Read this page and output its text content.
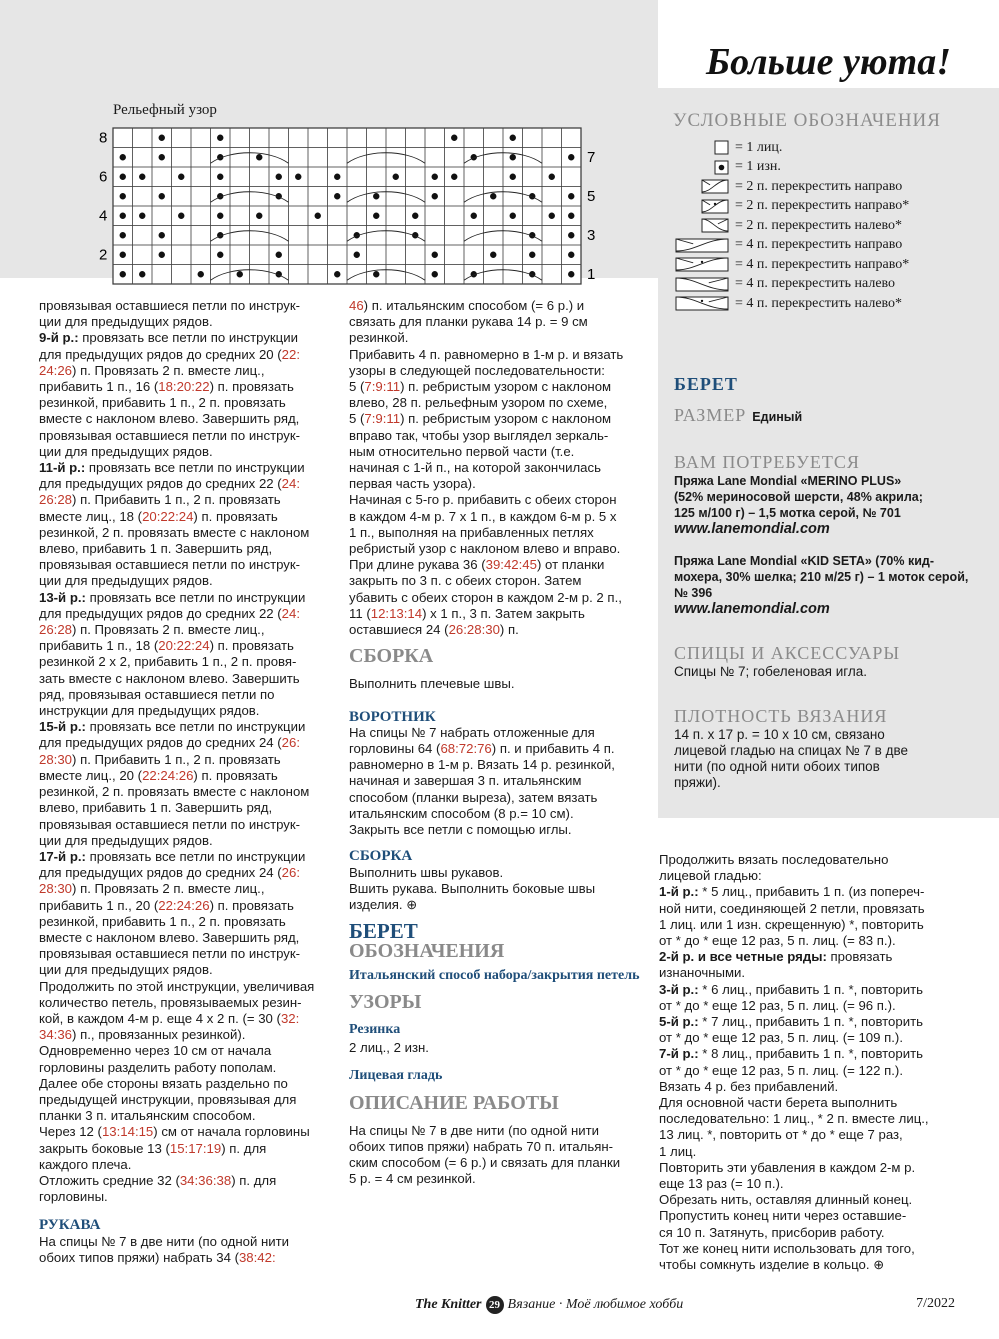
Больше уюта!
Рельефный узор
8
6
4
2
7
5
3
1
УСЛОВНЫЕ ОБОЗНАЧЕНИЯ
= 1 лиц.
= 1 изн.
= 2 п. перекрестить направо
= 2 п. перекрестить направо*
= 2 п. перекрестить налево*
= 4 п. перекрестить направо
= 4 п. перекрестить направо*
= 4 п. перекрестить налево
= 4 п. перекрестить налево*

провязывая оставшиеся петли по инструк-

ции для предыдущих рядов.

9-й р.: провязать все петли по инструкции

для предыдущих рядов до средних 20 (22:

24:26) п. Провязать 2 п. вместе лиц.,

прибавить 1 п., 16 (18:20:22) п. провязать

резинкой, прибавить 1 п., 2 п. провязать

вместе с наклоном влево. Завершить ряд,

провязывая оставшиеся петли по инструк-

ции для предыдущих рядов.

11-й р.: провязать все петли по инструкции

для предыдущих рядов до средних 22 (24:

26:28) п. Прибавить 1 п., 2 п. провязать

вместе лиц., 18 (20:22:24) п. провязать

резинкой, 2 п. провязать вместе с наклоном

влево, прибавить 1 п. Завершить ряд,

провязывая оставшиеся петли по инструк-

ции для предыдущих рядов.

13-й р.: провязать все петли по инструкции

для предыдущих рядов до средних 22 (24:

26:28) п. Провязать 2 п. вместе лиц.,

прибавить 1 п., 18 (20:22:24) п. провязать

резинкой 2 х 2, прибавить 1 п., 2 п. провя-

зать вместе с наклоном влево. Завершить

ряд, провязывая оставшиеся петли по

инструкции для предыдущих рядов.

15-й р.: провязать все петли по инструкции

для предыдущих рядов до средних 24 (26:

28:30) п. Прибавить 1 п., 2 п. провязать

вместе лиц., 20 (22:24:26) п. провязать

резинкой, 2 п. провязать вместе с наклоном

влево, прибавить 1 п. Завершить ряд,

провязывая оставшиеся петли по инструк-

ции для предыдущих рядов.

17-й р.: провязать все петли по инструкции

для предыдущих рядов до средних 24 (26:

28:30) п. Провязать 2 п. вместе лиц.,

прибавить 1 п., 20 (22:24:26) п. провязать

резинкой, прибавить 1 п., 2 п. провязать

вместе с наклоном влево. Завершить ряд,

провязывая оставшиеся петли по инструк-

ции для предыдущих рядов.

Продолжить по этой инструкции, увеличивая

количество петель, провязываемых резин-

кой, в каждом 4-м р. еще 4 х 2 п. (= 30 (32:

34:36) п., провязанных резинкой).

Одновременно через 10 см от начала

горловины разделить работу пополам.

Далее обе стороны вязать раздельно по

предыдущей инструкции, провязывая для

планки 3 п. итальянским способом.

Через 12 (13:14:15) см от начала горловины

закрыть боковые 13 (15:17:19) п. для

каждого плеча.

Отложить средние 32 (34:36:38) п. для

горловины.

РУКАВА

На спицы № 7 в две нити (по одной нити

обоих типов пряжи) набрать 34 (38:42:

46) п. итальянским способом (= 6 р.) и

связать для планки рукава 14 р. = 9 см

резинкой.

Прибавить 4 п. равномерно в 1-м р. и вязать

узоры в следующей последовательности:

5 (7:9:11) п. ребристым узором с наклоном

влево, 28 п. рельефным узором по схеме,

5 (7:9:11) п. ребристым узором с наклоном

вправо так, чтобы узор выглядел зеркаль-

ным относительно первой части (т.е.

начиная с 1-й п., на которой закончилась

первая часть узора).

Начиная с 5-го р. прибавить с обеих сторон

в каждом 4-м р. 7 х 1 п., в каждом 6-м р. 5 х

1 п., выполняя на прибавленных петлях

ребристый узор с наклоном влево и вправо.

При длине рукава 36 (39:42:45) от планки

закрыть по 3 п. с обеих сторон. Затем

убавить с обеих сторон в каждом 2-м р. 2 п.,

11 (12:13:14) х 1 п., 3 п. Затем закрыть

оставшиеся 24 (26:28:30) п.

СБОРКА

Выполнить плечевые швы.

ВОРОТНИК

На спицы № 7 набрать отложенные для

горловины 64 (68:72:76) п. и прибавить 4 п.

равномерно в 1-м р. Вязать 14 р. резинкой,

начиная и завершая 3 п. итальянским

способом (планки выреза), затем вязать

итальянским способом (8 р.= 10 см).

Закрыть все петли с помощью иглы.

СБОРКА

Выполнить швы рукавов.

Вшить рукава. Выполнить боковые швы

изделия. ⊕

БЕРЕТ
ОБОЗНАЧЕНИЯ
Итальянский способ набора/закрытия петель
УЗОРЫ
Резинка

2 лиц., 2 изн.

Лицевая гладь
ОПИСАНИЕ РАБОТЫ

На спицы № 7 в две нити (по одной нити

обоих типов пряжи) набрать 70 п. итальян-

ским способом (= 6 р.) и связать для планки

5 р. = 4 см резинкой.

Продолжить вязать последовательно

лицевой гладью:

1-й р.: * 5 лиц., прибавить 1 п. (из попереч-

ной нити, соединяющей 2 петли, провязать

1 лиц. или 1 изн. скрещенную) *, повторить

от * до * еще 12 раз, 5 п. лиц. (= 83 п.).

2-й р. и все четные ряды: провязать

изнаночными.

3-й р.: * 6 лиц., прибавить 1 п. *, повторить

от * до * еще 12 раз, 5 п. лиц. (= 96 п.).

5-й р.: * 7 лиц., прибавить 1 п. *, повторить

от * до * еще 12 раз, 5 п. лиц. (= 109 п.).

7-й р.: * 8 лиц., прибавить 1 п. *, повторить

от * до * еще 12 раз, 5 п. лиц. (= 122 п.).

Вязать 4 р. без прибавлений.

Для основной части берета выполнить

последовательно: 1 лиц., * 2 п. вместе лиц.,

13 лиц. *, повторить от * до * еще 7 раз,

1 лиц.

Повторить эти убавления в каждом 2-м р.

еще 13 раз (= 10 п.).

Обрезать нить, оставляя длинный конец.

Пропустить конец нити через оставшие-

ся 10 п. Затянуть, присборив работу.

Тот же конец нити использовать для того,

чтобы сомкнуть изделие в кольцо. ⊕

БЕРЕТ
РАЗМЕР Единый
ВАМ ПОТРЕБУЕТСЯ
Пряжа Lane Mondial «MERINO PLUS»
(52% мериносовой шерсти, 48% акрила;
125 м/100 г) – 1,5 мотка серой, № 701
www.lanemondial.com
Пряжа Lane Mondial «KID SETA» (70% кид-
мохера, 30% шелка; 210 м/25 г) – 1 моток серой,
№ 396
www.lanemondial.com
СПИЦЫ И АКСЕССУАРЫ
Спицы № 7; гобеленовая игла.
ПЛОТНОСТЬ ВЯЗАНИЯ
14 п. х 17 р. = 10 х 10 см, связано
лицевой гладью на спицах № 7 в две
нити (по одной нити обоих типов
пряжи).
The Knitter 29 Вязание · Моё любимое хобби	7/2022
